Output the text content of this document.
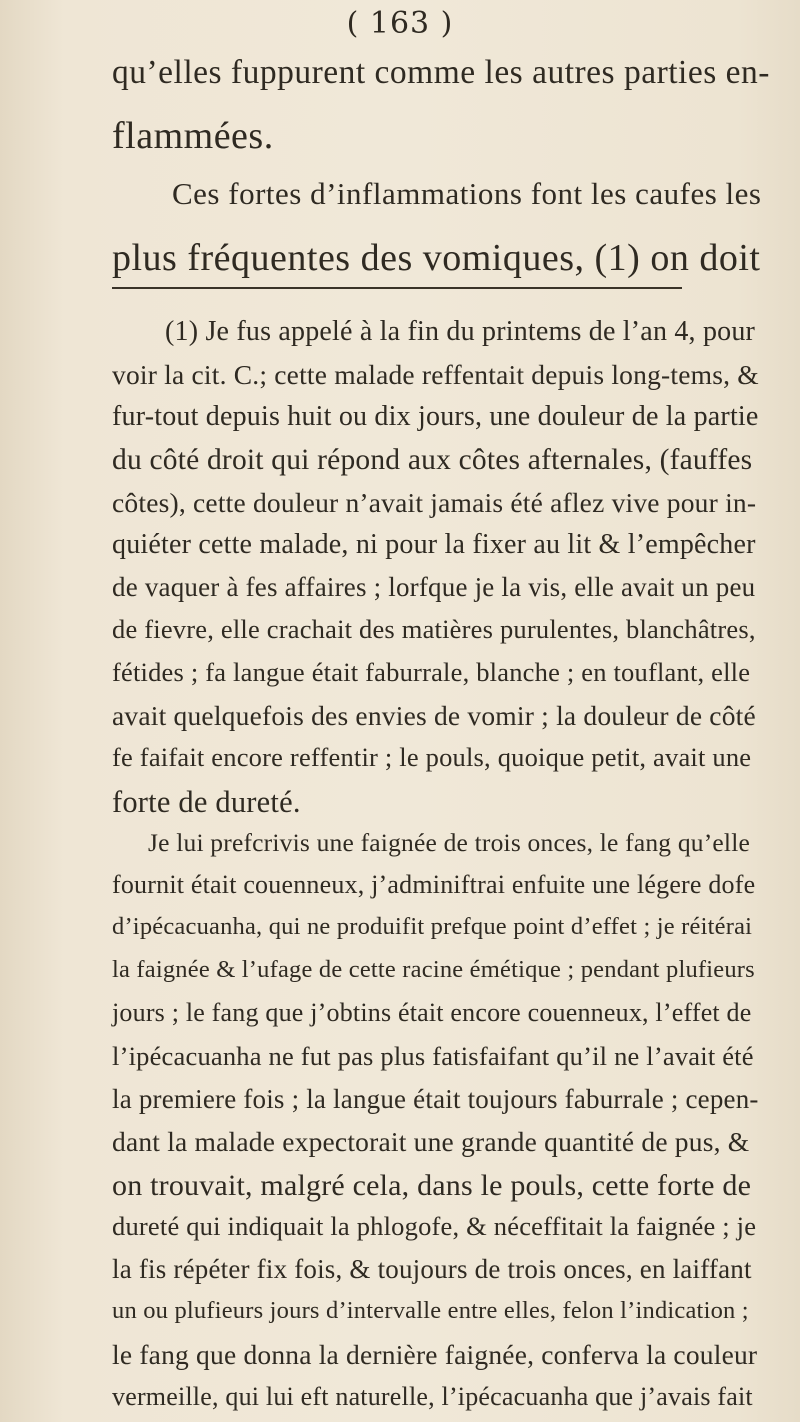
( 163 )
qu’elles fuppurent comme les autres parties en-
flammées.
Ces fortes d’inflammations font les caufes les
plus fréquentes des vomiques, (1) on doit
(1) Je fus appelé à la fin du printems de l’an 4, pour
voir la cit. C.; cette malade reffentait depuis long-tems, &
fur-tout depuis huit ou dix jours, une douleur de la partie
du côté droit qui répond aux côtes afternales, (fauffes
côtes), cette douleur n’avait jamais été aflez vive pour in-
quiéter cette malade, ni pour la fixer au lit & l’empêcher
de vaquer à fes affaires ; lorfque je la vis, elle avait un peu
de fievre, elle crachait des matières purulentes, blanchâtres,
fétides ; fa langue était faburrale, blanche ; en touflant, elle
avait quelquefois des envies de vomir ; la douleur de côté
fe faifait encore reffentir ; le pouls, quoique petit, avait une
forte de dureté.
Je lui prefcrivis une faignée de trois onces, le fang qu’elle
fournit était couenneux, j’adminiftrai enfuite une légere dofe
d’ipécacuanha, qui ne produifit prefque point d’effet ; je réitérai
la faignée & l’ufage de cette racine émétique ; pendant plufieurs
jours ; le fang que j’obtins était encore couenneux, l’effet de
l’ipécacuanha ne fut pas plus fatisfaifant qu’il ne l’avait été
la premiere fois ; la langue était toujours faburrale ; cepen-
dant la malade expectorait une grande quantité de pus, &
on trouvait, malgré cela, dans le pouls, cette forte de
dureté qui indiquait la phlogofe, & néceffitait la faignée ; je
la fis répéter fix fois, & toujours de trois onces, en laiffant
un ou plufieurs jours d’intervalle entre elles, felon l’indication ;
le fang que donna la dernière faignée, conferva la couleur
vermeille, qui lui eft naturelle, l’ipécacuanha que j’avais fait
